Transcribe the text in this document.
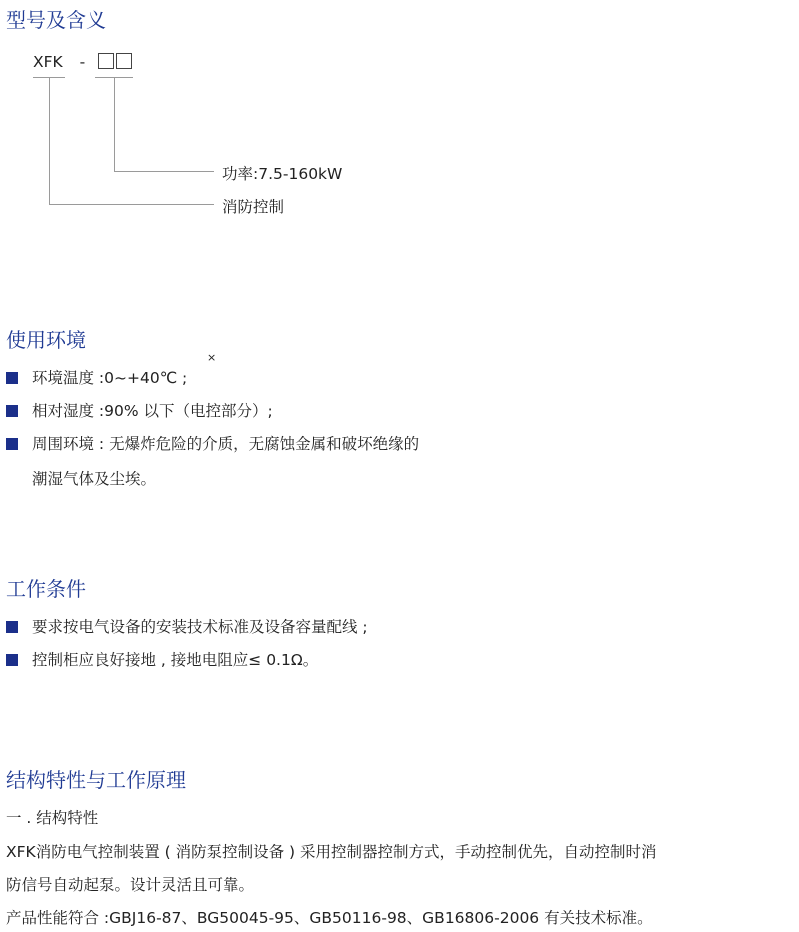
型号及含义
XFK -
功率:7.5-160kW
消防控制
使用环境
×
环境温度 :0~+40℃ ;
相对湿度 :90% 以下（电控部分）;
周围环境 : 无爆炸危险的介质，无腐蚀金属和破坏绝缘的
潮湿气体及尘埃。
工作条件
要求按电气设备的安装技术标准及设备容量配线 ;
控制柜应良好接地 , 接地电阻应≤ 0.1Ω。
结构特性与工作原理
一 . 结构特性
XFK消防电气控制装置 ( 消防泵控制设备 ) 采用控制器控制方式，手动控制优先，自动控制时消
防信号自动起泵。设计灵活且可靠。
产品性能符合 :GBJ16-87、BG50045-95、GB50116-98、GB16806-2006 有关技术标准。
